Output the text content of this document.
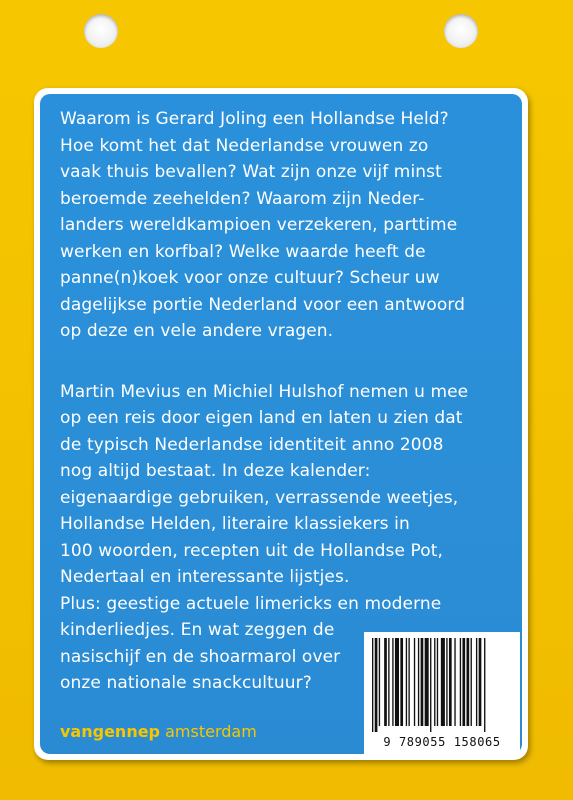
Waarom is Gerard Joling een Hollandse Held?
Hoe komt het dat Nederlandse vrouwen zo
vaak thuis bevallen? Wat zijn onze vijf minst
beroemde zeehelden? Waarom zijn Neder-
landers wereldkampioen verzekeren, parttime
werken en korfbal? Welke waarde heeft de
panne(n)koek voor onze cultuur? Scheur uw
dagelijkse portie Nederland voor een antwoord
op deze en vele andere vragen.
Martin Mevius en Michiel Hulshof nemen u mee
op een reis door eigen land en laten u zien dat
de typisch Nederlandse identiteit anno 2008
nog altijd bestaat. In deze kalender:
eigenaardige gebruiken, verrassende weetjes,
Hollandse Helden, literaire klassiekers in
100 woorden, recepten uit de Hollandse Pot,
Nedertaal en interessante lijstjes.
Plus: geestige actuele limericks en moderne
kinderliedjes. En wat zeggen de
nasischijf en de shoarmarol over
onze nationale snackcultuur?
vangennep amsterdam
9 789055 158065
